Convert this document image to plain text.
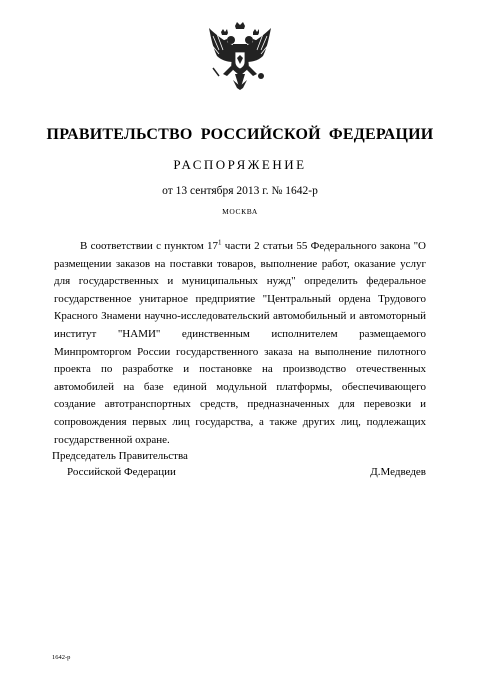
ПРАВИТЕЛЬСТВО РОССИЙСКОЙ ФЕДЕРАЦИИ
РАСПОРЯЖЕНИЕ
от 13 сентября 2013 г. № 1642-р
МОСКВА

В соответствии с пунктом $17^1$ части 2 статьи 55 Федерального закона "О размещении заказов на поставки товаров, выполнение работ, оказание услуг для государственных и муниципальных нужд" определить федеральное государственное унитарное предприятие "Центральный ордена Трудового Красного Знамени научно-исследовательский автомобильный и автомоторный институт "НАМИ" единственным исполнителем размещаемого Минпромторгом России государственного заказа на выполнение пилотного проекта по разработке и постановке на производство отечественных автомобилей на базе единой модульной платформы, обеспечивающего создание автотранспортных средств, предназначенных для перевозки и сопровождения первых лиц государства, а также других лиц, подлежащих государственной охране.

Председатель Правительства
Российской Федерации	Д.Медведев
1642-р
